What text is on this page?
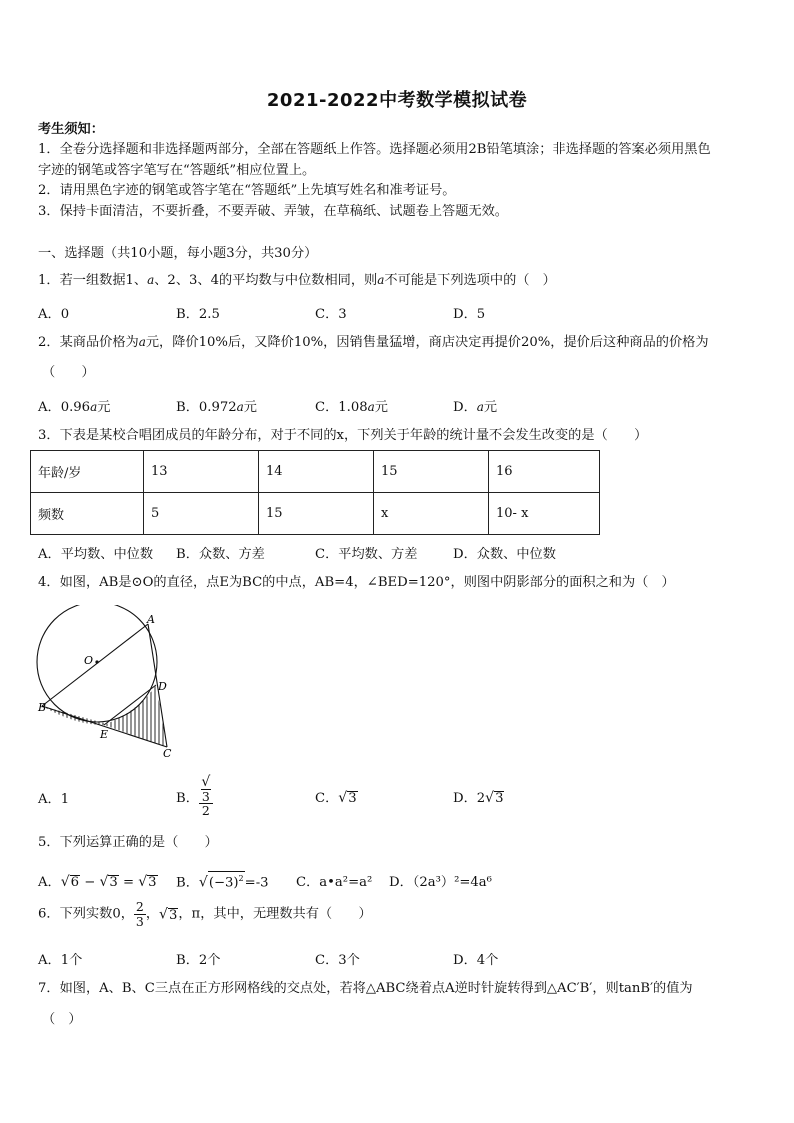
2021-2022中考数学模拟试卷
考生须知：
1．全卷分选择题和非选择题两部分，全部在答题纸上作答。选择题必须用2B铅笔填涂；非选择题的答案必须用黑色
字迹的钢笔或答字笔写在“答题纸”相应位置上。
2．请用黑色字迹的钢笔或答字笔在“答题纸”上先填写姓名和准考证号。
3．保持卡面清洁，不要折叠，不要弄破、弄皱，在草稿纸、试题卷上答题无效。
一、选择题（共10小题，每小题3分，共30分）
1．若一组数据1、a、2、3、4的平均数与中位数相同，则a不可能是下列选项中的（　）
A．0	B．2.5	C．3	D．5
2．某商品价格为a元，降价10%后，又降价10%，因销售量猛增，商店决定再提价20%，提价后这种商品的价格为
（　　）
A．0.96a元	B．0.972a元	C．1.08a元	D．a元
3．下表是某校合唱团成员的年龄分布，对于不同的x，下列关于年龄的统计量不会发生改变的是（　　）
年龄/岁	13	14	15	16
频数	5	15	x	10- x
A．平均数、中位数 B．众数、方差	C．平均数、方差	D．众数、中位数
4．如图，AB是⊙O的直径，点E为BC的中点，AB=4，∠BED=120°，则图中阴影部分的面积之和为（　）
A
O
D
B
E
C
A．1	B． √
3
2	C．√3	D．2√3
5．下列运算正确的是（　　）
A．√6 − √3 = √3 B．$√(-3)^2=-3$ C．a•a²=a² D．（2a³）²=4a⁶
6．下列实数0， $\frac{2}{3}$ ，√3，π，其中，无理数共有（　　）
A．1个	B．2个	C．3个	D．4个
7．如图，A、B、C三点在正方形网格线的交点处，若将△ABC绕着点A逆时针旋转得到△AC′B′，则tanB′的值为
（　）
